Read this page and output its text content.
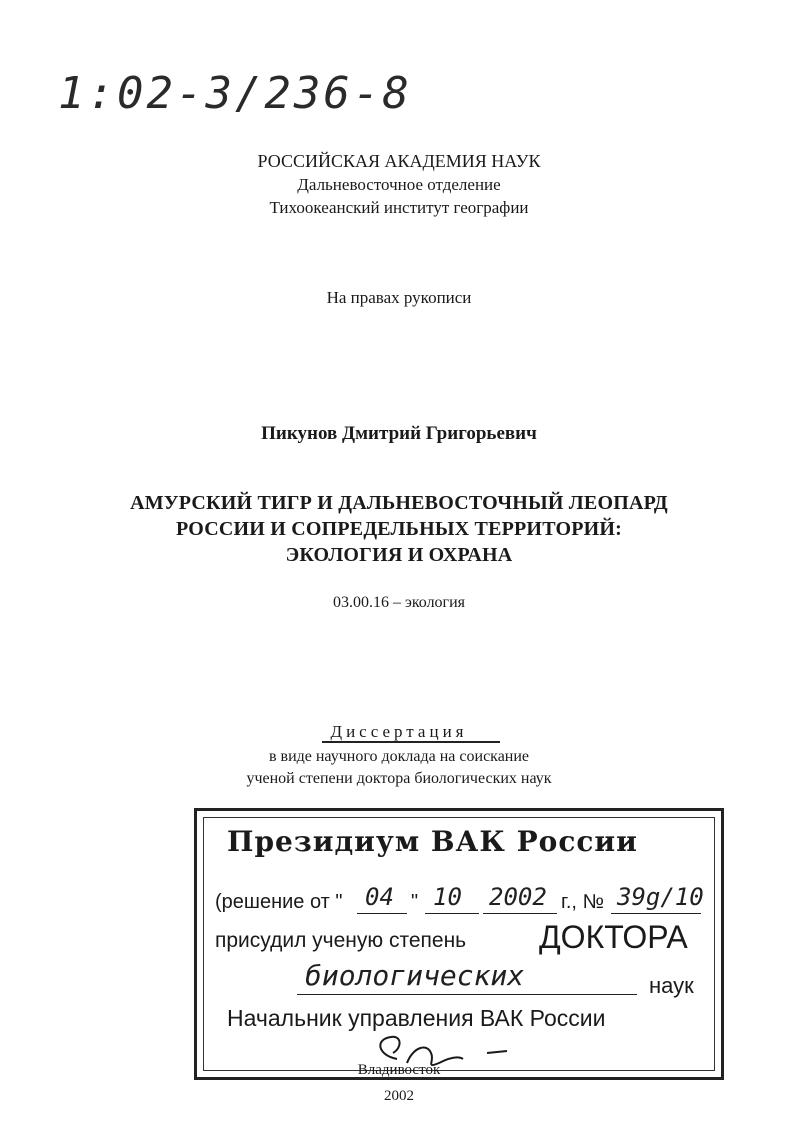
1:02-3/236-8
РОССИЙСКАЯ АКАДЕМИЯ НАУК
Дальневосточное отделение
Тихоокеанский институт географии
На правах рукописи
Пикунов Дмитрий Григорьевич
АМУРСКИЙ ТИГР И ДАЛЬНЕВОСТОЧНЫЙ ЛЕОПАРД
РОССИИ И СОПРЕДЕЛЬНЫХ ТЕРРИТОРИЙ:
ЭКОЛОГИЯ И ОХРАНА
03.00.16 – экология
Диссертация
в виде научного доклада на соискание
ученой степени доктора биологических наук
Президиум ВАК России
(решение от " 04 " 10 2002 г., № 39g/10
присудил ученую степень ДОКТОРА
биологических	наук
Начальник управления ВАК России
Владивосток
2002
